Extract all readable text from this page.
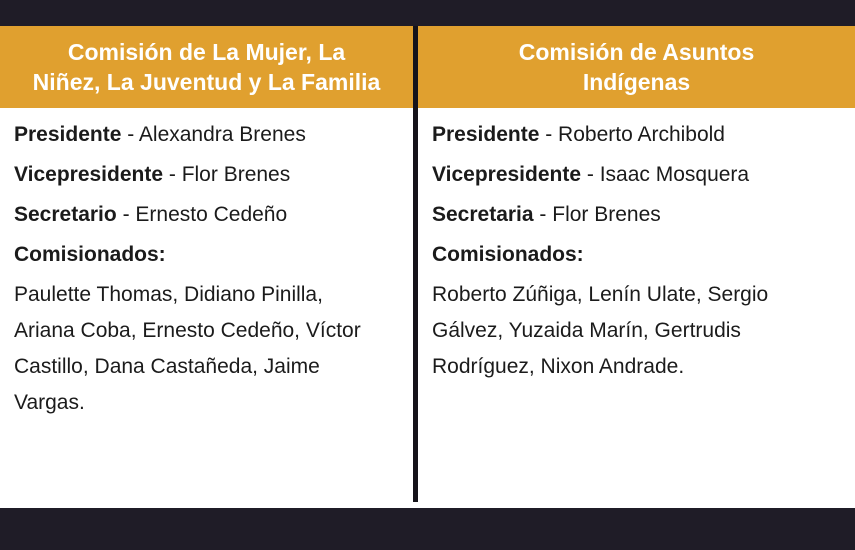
Comisión de La Mujer, La
Niñez, La Juventud y La Familia
Presidente - Alexandra Brenes
Vicepresidente - Flor Brenes
Secretario - Ernesto Cedeño
Comisionados:
Paulette Thomas, Didiano Pinilla,
Ariana Coba, Ernesto Cedeño, Víctor
Castillo, Dana Castañeda, Jaime
Vargas.
Comisión de Asuntos
Indígenas
Presidente - Roberto Archibold
Vicepresidente - Isaac Mosquera
Secretaria - Flor Brenes
Comisionados:
Roberto Zúñiga, Lenín Ulate, Sergio
Gálvez, Yuzaida Marín, Gertrudis
Rodríguez, Nixon Andrade.
